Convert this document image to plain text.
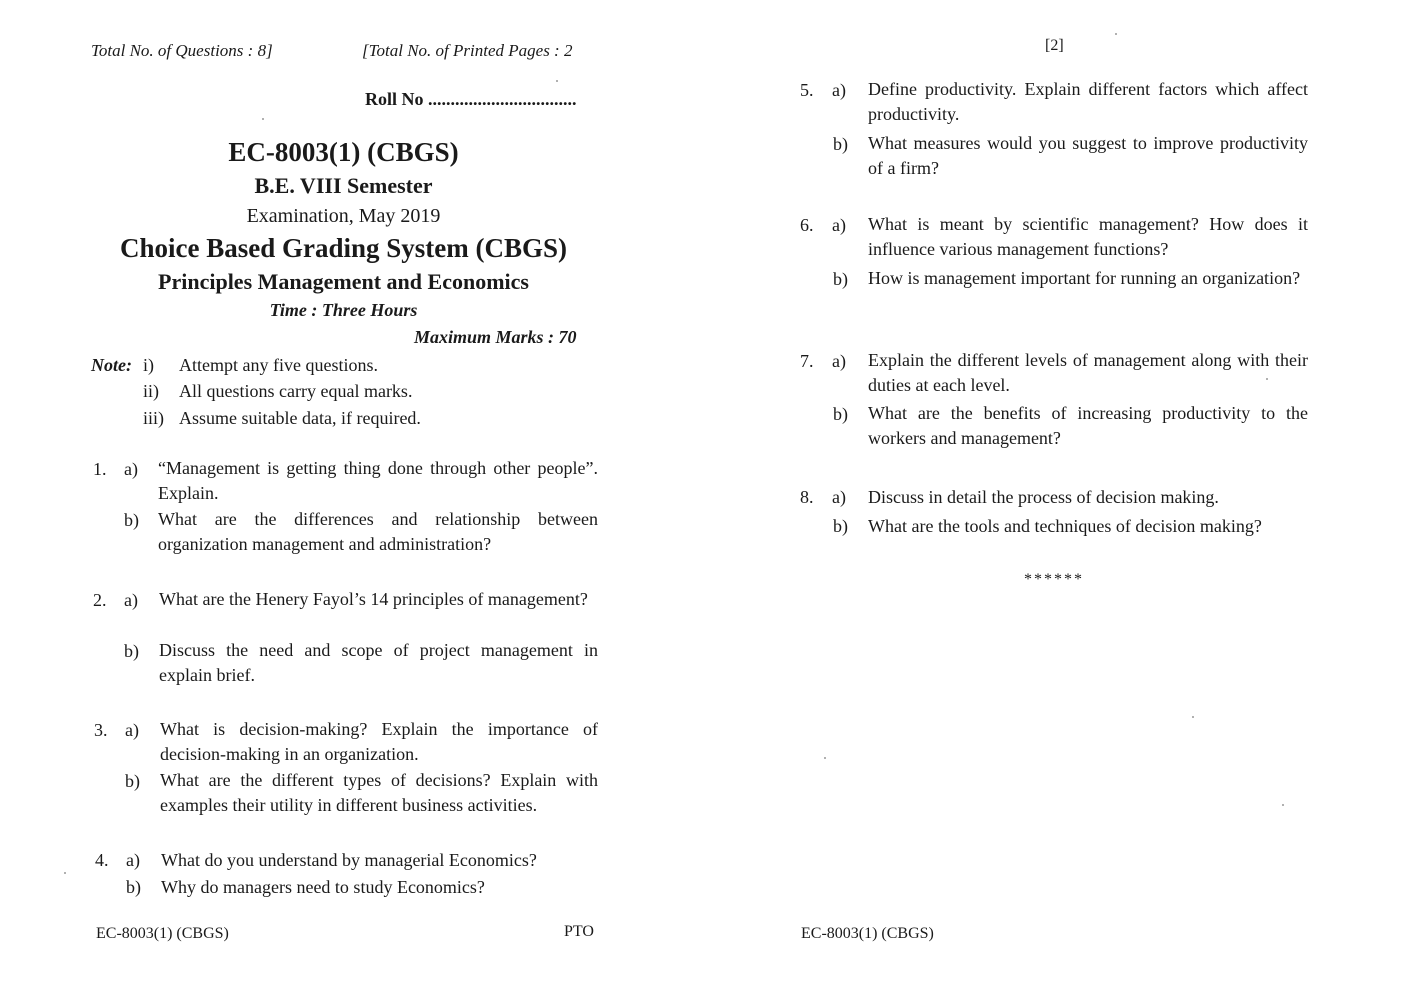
Total No. of Questions : 8]	[Total No. of Printed Pages : 2
Roll No .................................
EC-8003(1) (CBGS)
B.E. VIII Semester
Examination, May 2019
Choice Based Grading System (CBGS)
Principles Management and Economics
Time : Three Hours
Maximum Marks : 70
Note: i) Attempt any five questions.
ii) All questions carry equal marks.
iii) Assume suitable data, if required.
1. a) “Management is getting thing done through other people”. Explain.
b) What are the differences and relationship between organization management and administration?
2. a) What are the Henery Fayol’s 14 principles of management?
b) Discuss the need and scope of project management in explain brief.
3. a) What is decision-making? Explain the importance of decision-making in an organization.
b) What are the different types of decisions? Explain with examples their utility in different business activities.
4. a) What do you understand by managerial Economics?
b) Why do managers need to study Economics?
EC-8003(1) (CBGS)	PTO
[2]
5. a) Define productivity. Explain different factors which affect productivity.
b) What measures would you suggest to improve productivity of a firm?
6. a) What is meant by scientific management? How does it influence various management functions?
b) How is management important for running an organization?
7. a) Explain the different levels of management along with their duties at each level.
b) What are the benefits of increasing productivity to the workers and management?
8. a) Discuss in detail the process of decision making.
b) What are the tools and techniques of decision making?
******
EC-8003(1) (CBGS)
